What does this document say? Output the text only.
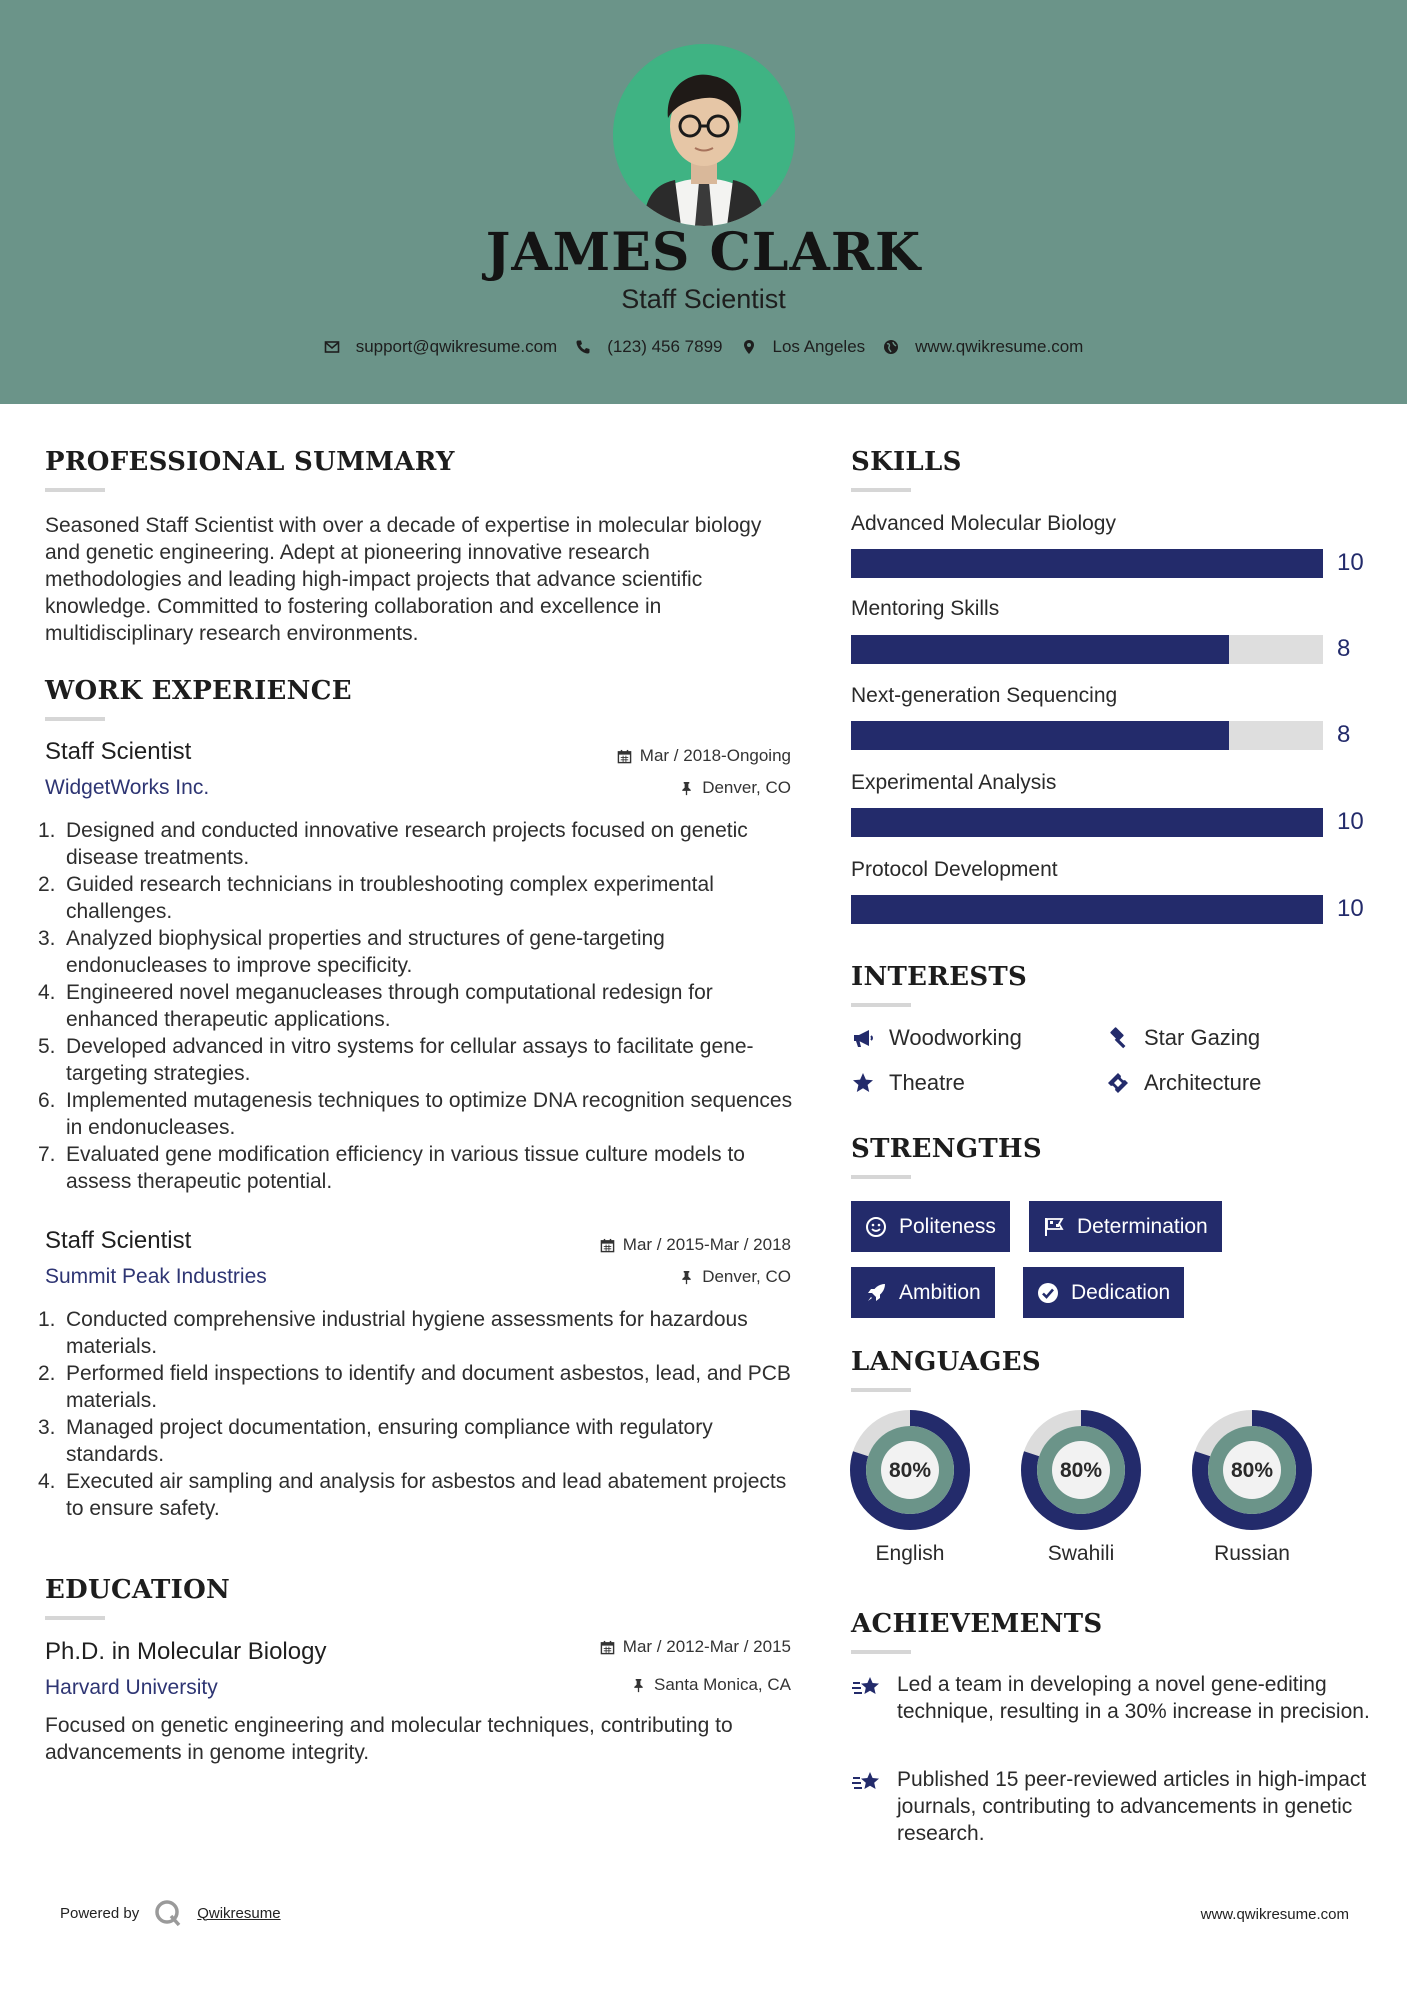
JAMES CLARK
Staff Scientist
support@qwikresume.com	(123) 456 7899	Los Angeles	www.qwikresume.com
PROFESSIONAL SUMMARY
Seasoned Staff Scientist with over a decade of expertise in molecular biology and genetic engineering. Adept at pioneering innovative research methodologies and leading high-impact projects that advance scientific knowledge. Committed to fostering collaboration and excellence in multidisciplinary research environments.
WORK EXPERIENCE
Staff Scientist	Mar / 2018-Ongoing
WidgetWorks Inc.	Denver, CO
1. Designed and conducted innovative research projects focused on genetic disease treatments.
2. Guided research technicians in troubleshooting complex experimental challenges.
3. Analyzed biophysical properties and structures of gene-targeting endonucleases to improve specificity.
4. Engineered novel meganucleases through computational redesign for enhanced therapeutic applications.
5. Developed advanced in vitro systems for cellular assays to facilitate gene-targeting strategies.
6. Implemented mutagenesis techniques to optimize DNA recognition sequences in endonucleases.
7. Evaluated gene modification efficiency in various tissue culture models to assess therapeutic potential.
Staff Scientist	Mar / 2015-Mar / 2018
Summit Peak Industries	Denver, CO
1. Conducted comprehensive industrial hygiene assessments for hazardous materials.
2. Performed field inspections to identify and document asbestos, lead, and PCB materials.
3. Managed project documentation, ensuring compliance with regulatory standards.
4. Executed air sampling and analysis for asbestos and lead abatement projects to ensure safety.
EDUCATION
Ph.D. in Molecular Biology	Mar / 2012-Mar / 2015
Harvard University	Santa Monica, CA
Focused on genetic engineering and molecular techniques, contributing to advancements in genome integrity.
SKILLS
Advanced Molecular Biology
10
Mentoring Skills
8
Next-generation Sequencing
8
Experimental Analysis
10
Protocol Development
10
INTERESTS
Woodworking	Star Gazing
Theatre	Architecture
STRENGTHS
Politeness	Determination
Ambition	Dedication
LANGUAGES
80%
English
80%
Swahili
80%
Russian
ACHIEVEMENTS
Led a team in developing a novel gene-editing technique, resulting in a 30% increase in precision.
Published 15 peer-reviewed articles in high-impact journals, contributing to advancements in genetic research.
Powered by	Qwikresume	www.qwikresume.com
